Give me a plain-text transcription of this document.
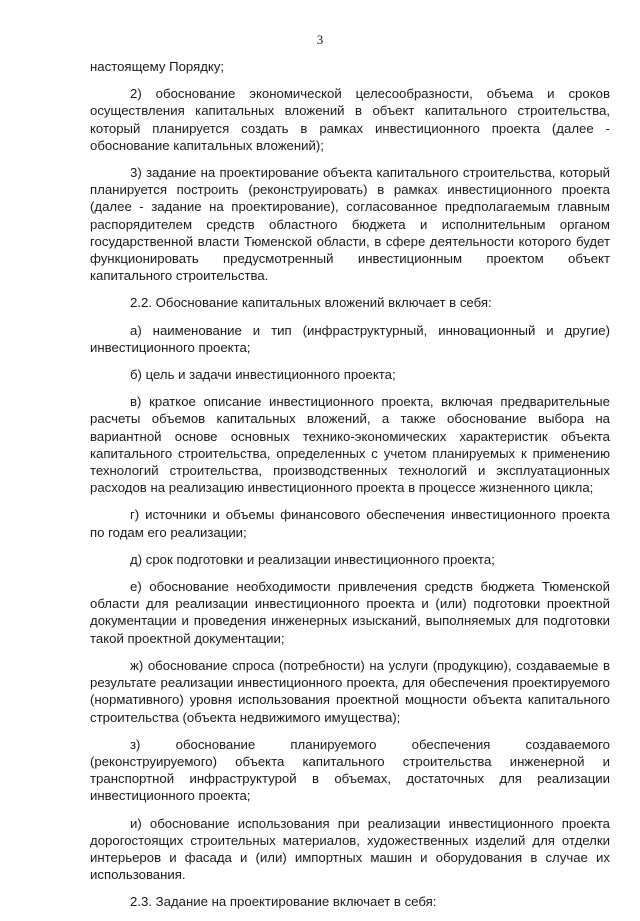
3

настоящему Порядку;

2) обоснование экономической целесообразности, объема и сроков осуществления капитальных вложений в объект капитального строительства, который планируется создать в рамках инвестиционного проекта (далее - обоснование капитальных вложений);

3) задание на проектирование объекта капитального строительства, который планируется построить (реконструировать) в рамках инвестиционного проекта (далее - задание на проектирование), согласованное предполагаемым главным распорядителем средств областного бюджета и исполнительным органом государственной власти Тюменской области, в сфере деятельности которого будет функционировать предусмотренный инвестиционным проектом объект капитального строительства.

2.2. Обоснование капитальных вложений включает в себя:

а) наименование и тип (инфраструктурный, инновационный и другие) инвестиционного проекта;

б) цель и задачи инвестиционного проекта;

в) краткое описание инвестиционного проекта, включая предварительные расчеты объемов капитальных вложений, а также обоснование выбора на вариантной основе основных технико-экономических характеристик объекта капитального строительства, определенных с учетом планируемых к применению технологий строительства, производственных технологий и эксплуатационных расходов на реализацию инвестиционного проекта в процессе жизненного цикла;

г) источники и объемы финансового обеспечения инвестиционного проекта по годам его реализации;

д) срок подготовки и реализации инвестиционного проекта;

е) обоснование необходимости привлечения средств бюджета Тюменской области для реализации инвестиционного проекта и (или) подготовки проектной документации и проведения инженерных изысканий, выполняемых для подготовки такой проектной документации;

ж) обоснование спроса (потребности) на услуги (продукцию), создаваемые в результате реализации инвестиционного проекта, для обеспечения проектируемого (нормативного) уровня использования проектной мощности объекта капитального строительства (объекта недвижимого имущества);

з) обоснование планируемого обеспечения создаваемого (реконструируемого) объекта капитального строительства инженерной и транспортной инфраструктурой в объемах, достаточных для реализации инвестиционного проекта;

и) обоснование использования при реализации инвестиционного проекта дорогостоящих строительных материалов, художественных изделий для отделки интерьеров и фасада и (или) импортных машин и оборудования в случае их использования.

2.3. Задание на проектирование включает в себя:
